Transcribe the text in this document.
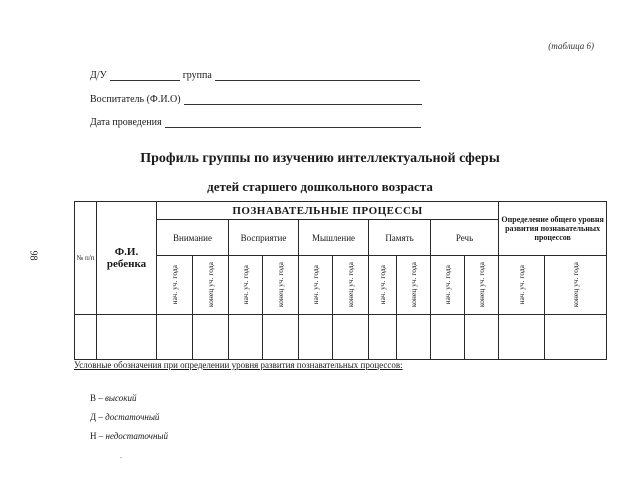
(таблица 6)
Д/У	группа
Воспитатель (Ф.И.О)
Дата проведения
Профиль группы по изучению интеллектуальной сферы
детей старшего дошкольного возраста
98	№ п/п	Ф.И. ребенка	ПОЗНАВАТЕЛЬНЫЕ ПРОЦЕССЫ										Определение общего уровня развития познавательных процессов	
		Внимание		Восприятие		Мышление		Память		Речь			

		нач. уч. года	конец уч. года	нач. уч. года	конец уч. года	нач. уч. года	конец уч. года	нач. уч. года	конец уч. года	нач. уч. года	конец уч. года	нач. уч. года	конец уч. года

Условные обозначения при определении уровня развития познавательных процессов:
В – высокий
Д – достаточный
Н – недостаточный
.
